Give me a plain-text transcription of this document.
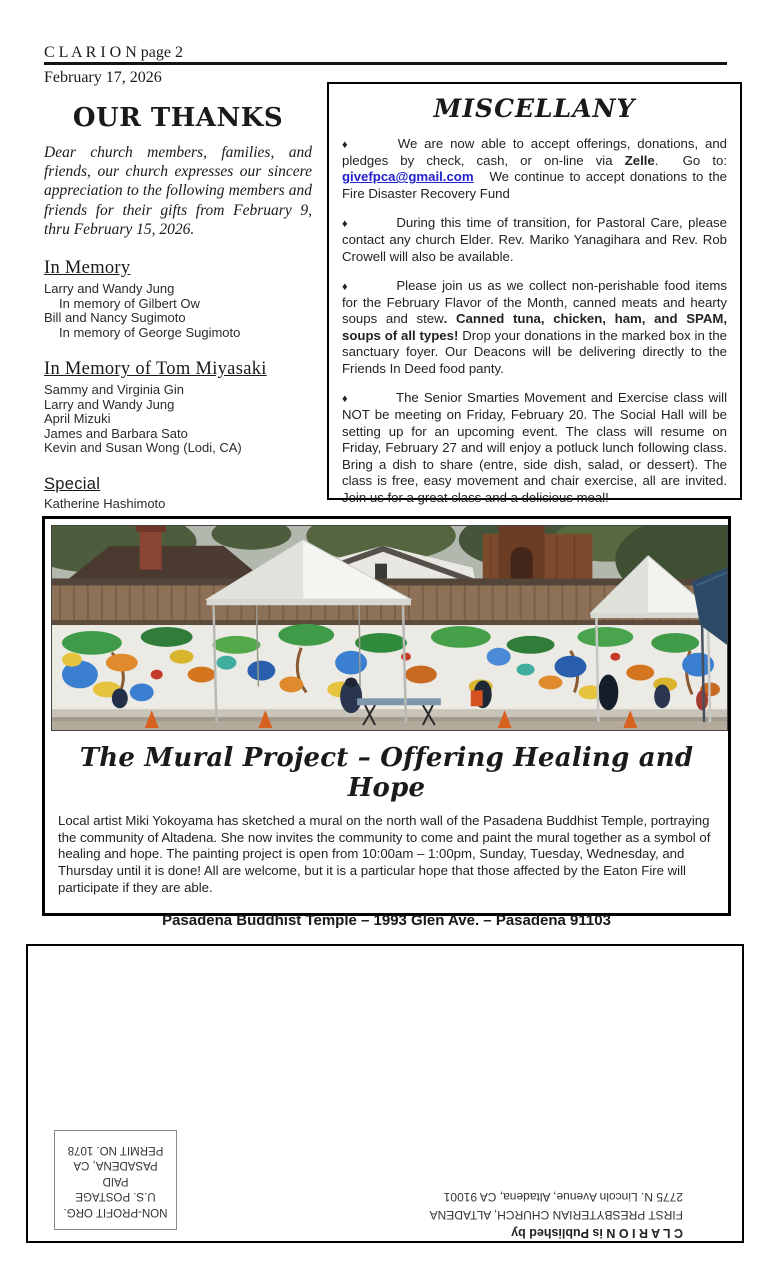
C L A R I O N page 2
February 17, 2026
OUR THANKS

Dear church members, families, and friends, our church expresses our sincere appreciation to the following members and friends for their gifts from February 9, thru February 15, 2026.

In Memory
Larry and Wandy Jung
In memory of Gilbert Ow
Bill and Nancy Sugimoto
In memory of George Sugimoto
In Memory of Tom Miyasaki
Sammy and Virginia Gin
Larry and Wandy Jung
April Mizuki
James and Barbara Sato
Kevin and Susan Wong (Lodi, CA)
Special
Katherine Hashimoto
MISCELLANY

♦	We are now able to accept offerings, donations, and pledges by check, cash, or on-line via Zelle.  Go to: givefpca@gmail.com   We continue to accept donations to the Fire Disaster Recovery Fund

♦	During this time of transition, for Pastoral Care, please contact any church Elder. Rev. Mariko Yanagihara and Rev. Rob Crowell will also be available.

♦	Please join us as we collect non-perishable food items for the February Flavor of the Month, canned meats and hearty soups and stew. Canned tuna, chicken, ham, and SPAM, soups of all types! Drop your donations in the marked box in the sanctuary foyer. Our Deacons will be delivering directly to the Friends In Deed food panty.

♦	The Senior Smarties Movement and Exercise class will NOT be meeting on Friday, February 20. The Social Hall will be setting up for an upcoming event. The class will resume on Friday, February 27 and will enjoy a potluck lunch following class. Bring a dish to share (entre, side dish, salad, or dessert). The class is free, easy movement and chair exercise, all are invited. Join us for a great class and a delicious meal!

The Mural Project – Offering Healing and Hope

Local artist Miki Yokoyama has sketched a mural on the north wall of the Pasadena Buddhist Temple, portraying the community of Altadena. She now invites the community to come and paint the mural together as a symbol of healing and hope. The painting project is open from 10:00am – 1:00pm, Sunday, Tuesday, Wednesday, and Thursday until it is done! All are welcome, but it is a particular hope that those affected by the Eaton Fire will participate if they are able.

Pasadena Buddhist Temple – 1993 Glen Ave. – Pasadena 91103
NON-PROFIT ORG.
U.S. POSTAGE
PAID
PASADENA, CA
PERMIT NO. 1078
C L A R I O N is Published by
FIRST PRESBYTERIAN CHURCH, ALTADENA
2775 N. Lincoln Avenue, Altadena, CA 91001
